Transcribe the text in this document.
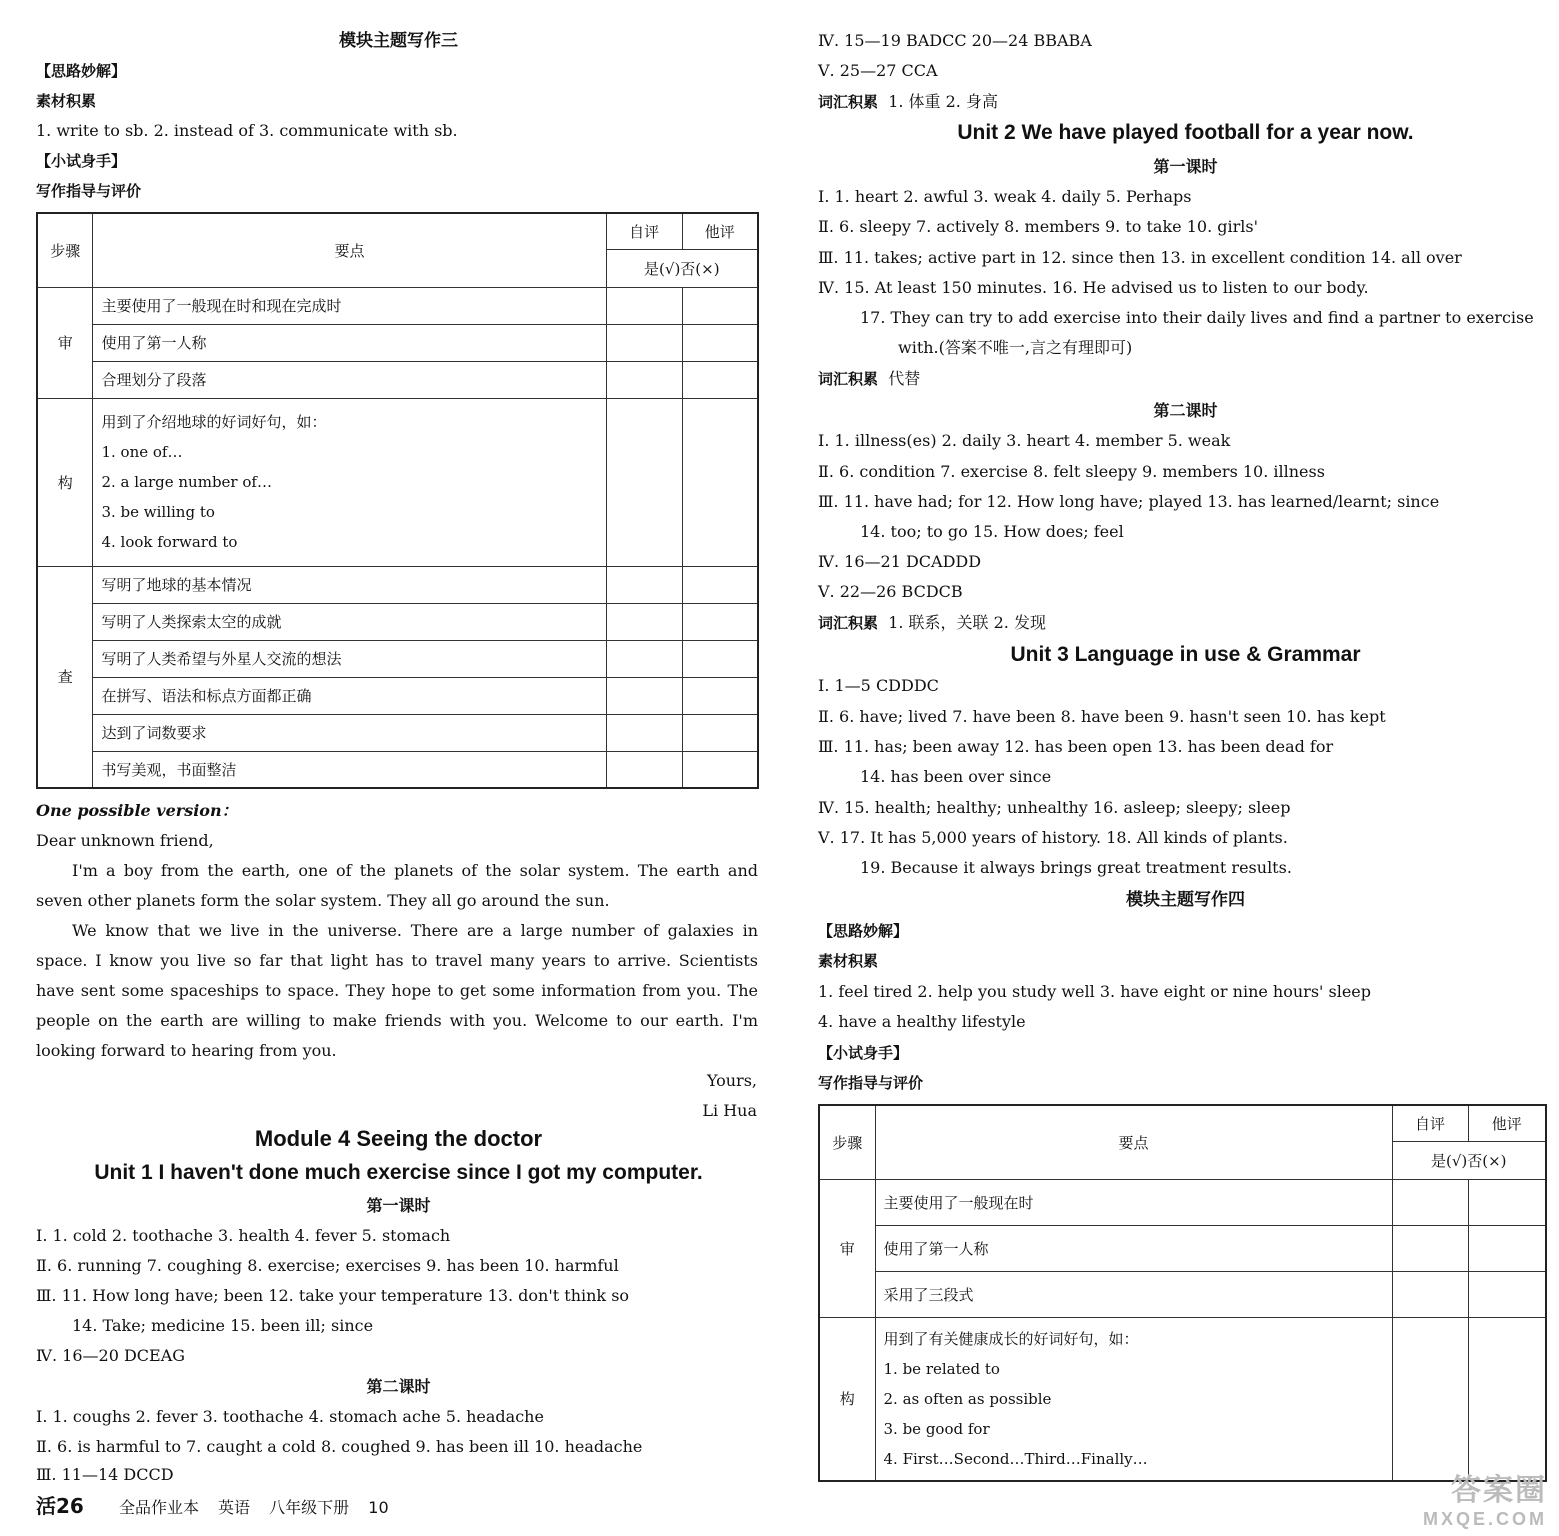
模块主题写作三
【思路妙解】
素材积累
1. write to sb. 2. instead of 3. communicate with sb.
【小试身手】
写作指导与评价
步骤	要点	自评	他评
		是(√)否(×)	
审	主要使用了一般现在时和现在完成时		
	使用了第一人称		
	合理划分了段落		
构	用到了介绍地球的好词好句，如：
1. one of…
2. a large number of…
3. be willing to
4. look forward to		

查	写明了地球的基本情况		
	写明了人类探索太空的成就		
	写明了人类希望与外星人交流的想法		
	在拼写、语法和标点方面都正确		
	达到了词数要求		
	书写美观，书面整洁		
One possible version：
Dear unknown friend,
I'm a boy from the earth, one of the planets of the solar system. The earth and seven other planets form the solar system. They all go around the sun.
We know that we live in the universe. There are a large number of galaxies in space. I know you live so far that light has to travel many years to arrive. Scientists have sent some spaceships to space. They hope to get some information from you. The people on the earth are willing to make friends with you. Welcome to our earth. I'm looking forward to hearing from you.
Yours,
Li Hua
Module 4 Seeing the doctor
Unit 1 I haven't done much exercise since I got my computer.
第一课时
Ⅰ. 1. cold 2. toothache 3. health 4. fever 5. stomach
Ⅱ. 6. running 7. coughing 8. exercise; exercises 9. has been 10. harmful
Ⅲ. 11. How long have; been 12. take your temperature 13. don't think so
14. Take; medicine 15. been ill; since
Ⅳ. 16—20 DCEAG
第二课时
Ⅰ. 1. coughs 2. fever 3. toothache 4. stomach ache 5. headache
Ⅱ. 6. is harmful to 7. caught a cold 8. coughed 9. has been ill 10. headache
Ⅲ. 11—14 DCCD
Ⅳ. 15—19 BADCC 20—24 BBABA
Ⅴ. 25—27 CCA
词汇积累 1. 体重 2. 身高
Unit 2 We have played football for a year now.
第一课时
Ⅰ. 1. heart 2. awful 3. weak 4. daily 5. Perhaps
Ⅱ. 6. sleepy 7. actively 8. members 9. to take 10. girls'
Ⅲ. 11. takes; active part in 12. since then 13. in excellent condition 14. all over
Ⅳ. 15. At least 150 minutes. 16. He advised us to listen to our body.
17. They can try to add exercise into their daily lives and find a partner to exercise
with.(答案不唯一,言之有理即可)
词汇积累 代替
第二课时
Ⅰ. 1. illness(es) 2. daily 3. heart 4. member 5. weak
Ⅱ. 6. condition 7. exercise 8. felt sleepy 9. members 10. illness
Ⅲ. 11. have had; for 12. How long have; played 13. has learned/learnt; since
14. too; to go 15. How does; feel
Ⅳ. 16—21 DCADDD
Ⅴ. 22—26 BCDCB
词汇积累 1. 联系，关联 2. 发现
Unit 3 Language in use & Grammar
Ⅰ. 1—5 CDDDC
Ⅱ. 6. have; lived 7. have been 8. have been 9. hasn't seen 10. has kept
Ⅲ. 11. has; been away 12. has been open 13. has been dead for
14. has been over since
Ⅳ. 15. health; healthy; unhealthy 16. asleep; sleepy; sleep
Ⅴ. 17. It has 5,000 years of history. 18. All kinds of plants.
19. Because it always brings great treatment results.
模块主题写作四
【思路妙解】
素材积累
1. feel tired 2. help you study well 3. have eight or nine hours' sleep
4. have a healthy lifestyle
【小试身手】
写作指导与评价
步骤	要点	自评	他评
		是(√)否(×)	
审	主要使用了一般现在时		
	使用了第一人称		
	采用了三段式		
构	用到了有关健康成长的好词好句，如：
1. be related to
2. as often as possible
3. be good for
4. First…Second…Third…Finally…		

活26 全品作业本 英语 八年级下册 10
答案圈
MXQE.COM
